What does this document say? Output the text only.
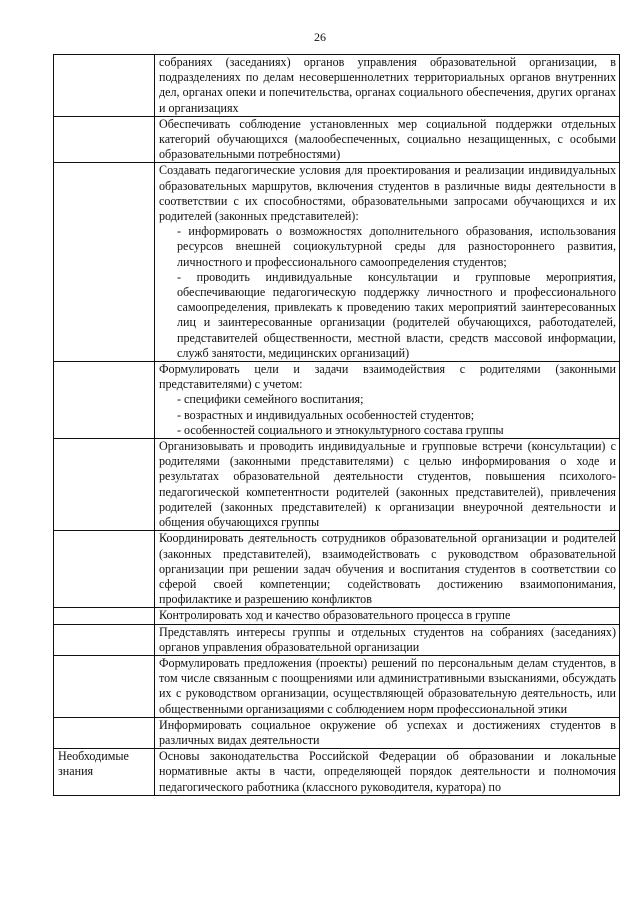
26

	собраниях (заседаниях) органов управления образовательной организации, в подразделениях по делам несовершеннолетних территориальных органов внутренних дел, органах опеки и попечительства, органах социального обеспечения, других органах и организациях

	Обеспечивать соблюдение установленных мер социальной поддержки отдельных категорий обучающихся (малообеспеченных, социально незащищенных, с особыми образовательными потребностями)

	Создавать педагогические условия для проектирования и реализации индивидуальных образовательных маршрутов, включения студентов в различные виды деятельности в соответствии с их способностями, образовательными запросами обучающихся и их родителей (законных представителей):

- информировать о возможностях дополнительного образования, использования ресурсов внешней социокультурной среды для разностороннего развития, личностного и профессионального самоопределения студентов;

- проводить индивидуальные консультации и групповые мероприятия, обеспечивающие педагогическую поддержку личностного и профессионального самоопределения, привлекать к проведению таких мероприятий заинтересованных лиц и заинтересованные организации (родителей обучающихся, работодателей, представителей общественности, местной власти, средств массовой информации, служб занятости, медицинских организаций)

	Формулировать цели и задачи взаимодействия с родителями (законными представителями) с учетом:

- специфики семейного воспитания;

- возрастных и индивидуальных особенностей студентов;

- особенностей социального и этнокультурного состава группы

	Организовывать и проводить индивидуальные и групповые встречи (консультации) с родителями (законными представителями) с целью информирования о ходе и результатах образовательной деятельности студентов, повышения психолого-педагогической компетентности родителей (законных представителей), привлечения родителей (законных представителей) к организации внеурочной деятельности и общения обучающихся группы

	Координировать деятельность сотрудников образовательной организации и родителей (законных представителей), взаимодействовать с руководством образовательной организации при решении задач обучения и воспитания студентов в соответствии со сферой своей компетенции; содействовать достижению взаимопонимания, профилактике и разрешению конфликтов

	Контролировать ход и качество образовательного процесса в группе

	Представлять интересы группы и отдельных студентов на собраниях (заседаниях) органов управления образовательной организации

	Формулировать предложения (проекты) решений по персональным делам студентов, в том числе связанным с поощрениями или административными взысканиями, обсуждать их с руководством организации, осуществляющей образовательную деятельность, или общественными организациями с соблюдением норм профессиональной этики

	Информировать социальное окружение об успехах и достижениях студентов в различных видах деятельности

Необходимые знания	Основы законодательства Российской Федерации об образовании и локальные нормативные акты в части, определяющей порядок деятельности и полномочия педагогического работника (классного руководителя, куратора) по
